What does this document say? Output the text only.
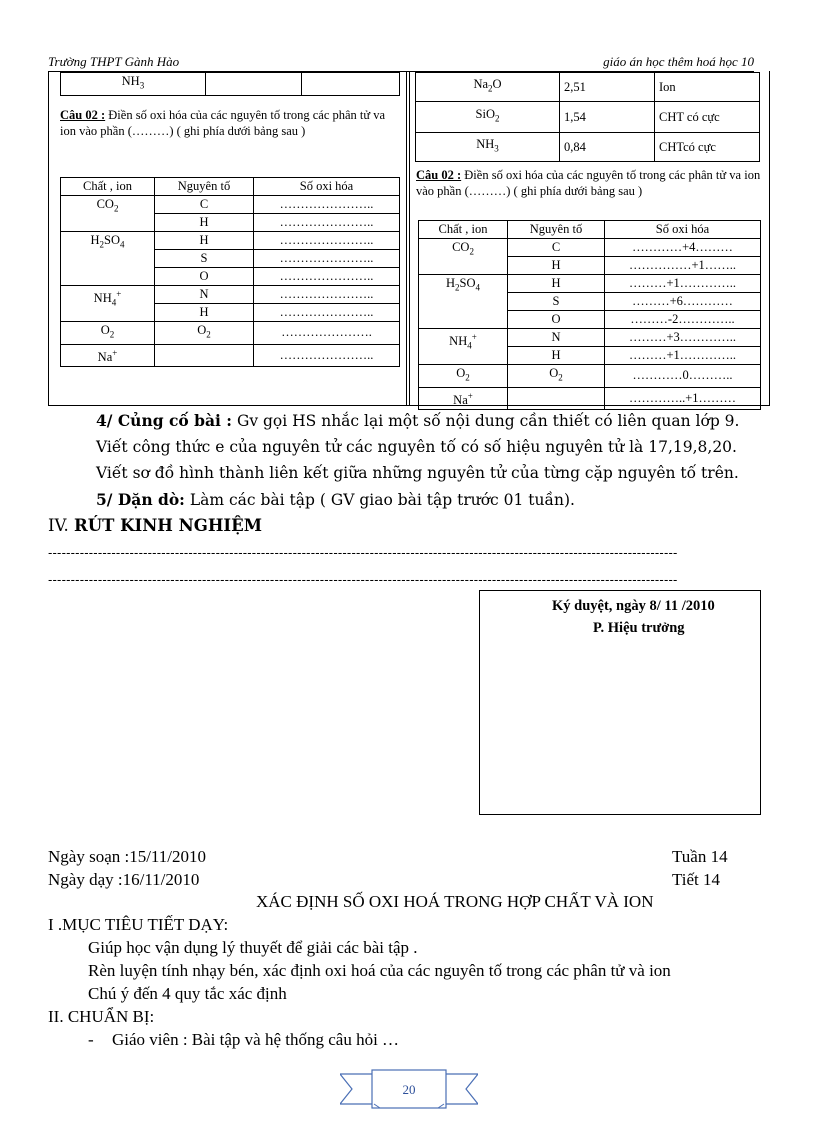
Trường THPT Gành Hào	giáo án học thêm hoá học 10
$NH_3$		
Câu 02 : Điền số oxi hóa của các nguyên tố trong các phân tử va ion vào phần (………) ( ghi phía dưới bảng sau )
Chất , ion	Nguyên tố	Số oxi hóa
$CO_2$	C	…………………..
	H	…………………..
$H_2SO_4$	H	…………………..
	S	…………………..
	O	…………………..
$NH_4^+$	N	…………………..
	H	…………………..
$O_2$	$O_2$	………………….
Na+		…………………..
$Na_2O$	2,51	Ion
SiO$_2$	1,54	CHT có cực
$NH_3$	0,84	CHTcó cực
Câu 02 : Điền số oxi hóa của các nguyên tố trong các phân tử va ion vào phần (………) ( ghi phía dưới bảng sau )
Chất , ion	Nguyên tố	Số oxi hóa
$CO_2$	C	…………+4………
	H	……………+1……..
$H_2SO_4$	H	………+1…………..
	S	………+6…………
	O	………-2…………..
$NH_4^+$	N	………+3…………..
	H	………+1…………..
$O_2$	$O_2$	…………0………..
Na+		…………..+1………
4/ Củng cố bài : Gv gọi HS nhắc lại một số nội dung cần thiết có liên quan lớp 9.
Viết công thức e của nguyên tử các nguyên tố có số hiệu nguyên tử là 17,19,8,20.
Viết sơ đồ hình thành liên kết giữa những nguyên tử của từng cặp nguyên tố trên.
5/ Dặn dò: Làm các bài tập ( GV giao bài tập trước 01 tuần).
IV. RÚT KINH NGHIỆM
-------------------------------------------------------------------------------------------------------------------------------------------
-------------------------------------------------------------------------------------------------------------------------------------------
Ký duyệt, ngày 8/ 11 /2010
P. Hiệu trưởng
Ngày soạn :15/11/2010	Tuần 14
Ngày dạy :16/11/2010	Tiết 14
XÁC ĐỊNH SỐ OXI HOÁ TRONG HỢP CHẤT VÀ ION
I .MỤC TIÊU TIẾT DẠY:
Giúp học vận dụng lý thuyết để giải các bài tập .
Rèn luyện tính nhạy bén, xác định oxi hoá của các nguyên tố trong các phân tử và ion
Chú ý đến 4 quy tắc xác định
II. CHUẨN BỊ:
- Giáo viên : Bài tập và hệ thống câu hỏi …
20
